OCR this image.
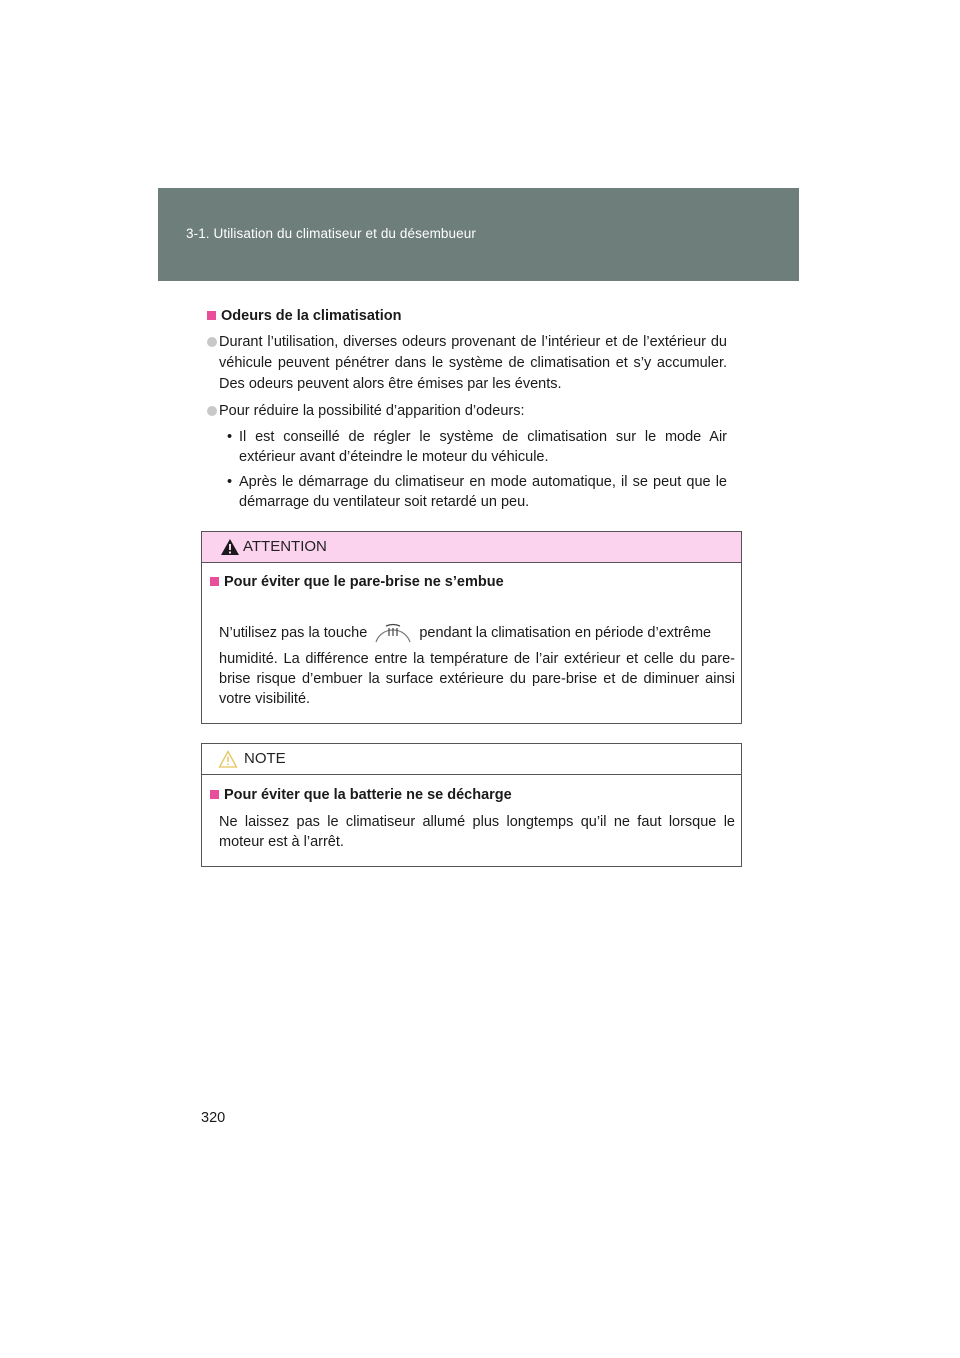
3-1. Utilisation du climatiseur et du désembueur
Odeurs de la climatisation
Durant l’utilisation, diverses odeurs provenant de l’intérieur et de l’extérieur du véhicule peuvent pénétrer dans le système de climatisation et s’y accumuler. Des odeurs peuvent alors être émises par les évents.
Pour réduire la possibilité d’apparition d’odeurs:
• Il est conseillé de régler le système de climatisation sur le mode Air extérieur avant d’éteindre le moteur du véhicule.
• Après le démarrage du climatiseur en mode automatique, il se peut que le démarrage du ventilateur soit retardé un peu.
ATTENTION
Pour éviter que le pare-brise ne s’embue
N’utilisez pas la touche	pendant la climatisation en période d’extrême
humidité. La différence entre la température de l’air extérieur et celle du pare-brise risque d’embuer la surface extérieure du pare-brise et de diminuer ainsi votre visibilité.
NOTE
Pour éviter que la batterie ne se décharge
Ne laissez pas le climatiseur allumé plus longtemps qu’il ne faut lorsque le moteur est à l’arrêt.
320
